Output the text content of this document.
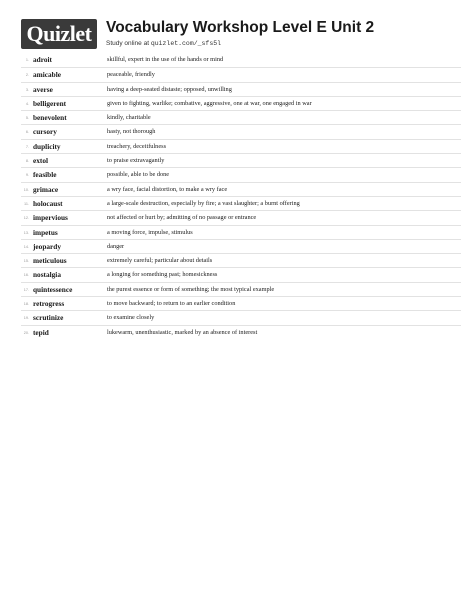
Quizlet Vocabulary Workshop Level E Unit 2
Study online at quizlet.com/_sfs5l
1. adroit	skillful, expert in the use of the hands or mind
2. amicable	peaceable, friendly
3. averse	having a deep-seated distaste; opposed, unwilling
4. belligerent	given to fighting, warlike; combative, aggressive, one at war, one engaged in war
5. benevolent	kindly, charitable
6. cursory	hasty, not thorough
7. duplicity	treachery, deceitfulness
8. extol	to praise extravagantly
9. feasible	possible, able to be done
10. grimace	a wry face, facial distortion, to make a wry face
11. holocaust	a large-scale destruction, especially by fire; a vast slaughter; a burnt offering
12. impervious	not affected or hurt by; admitting of no passage or entrance
13. impetus	a moving force, impulse, stimulus
14. jeopardy	danger
15. meticulous	extremely careful; particular about details
16. nostalgia	a longing for something past; homesickness
17. quintessence	the purest essence or form of something; the most typical example
18. retrogress	to move backward; to return to an earlier condition
19. scrutinize	to examine closely
20. tepid	lukewarm, unenthusiastic, marked by an absence of interest
